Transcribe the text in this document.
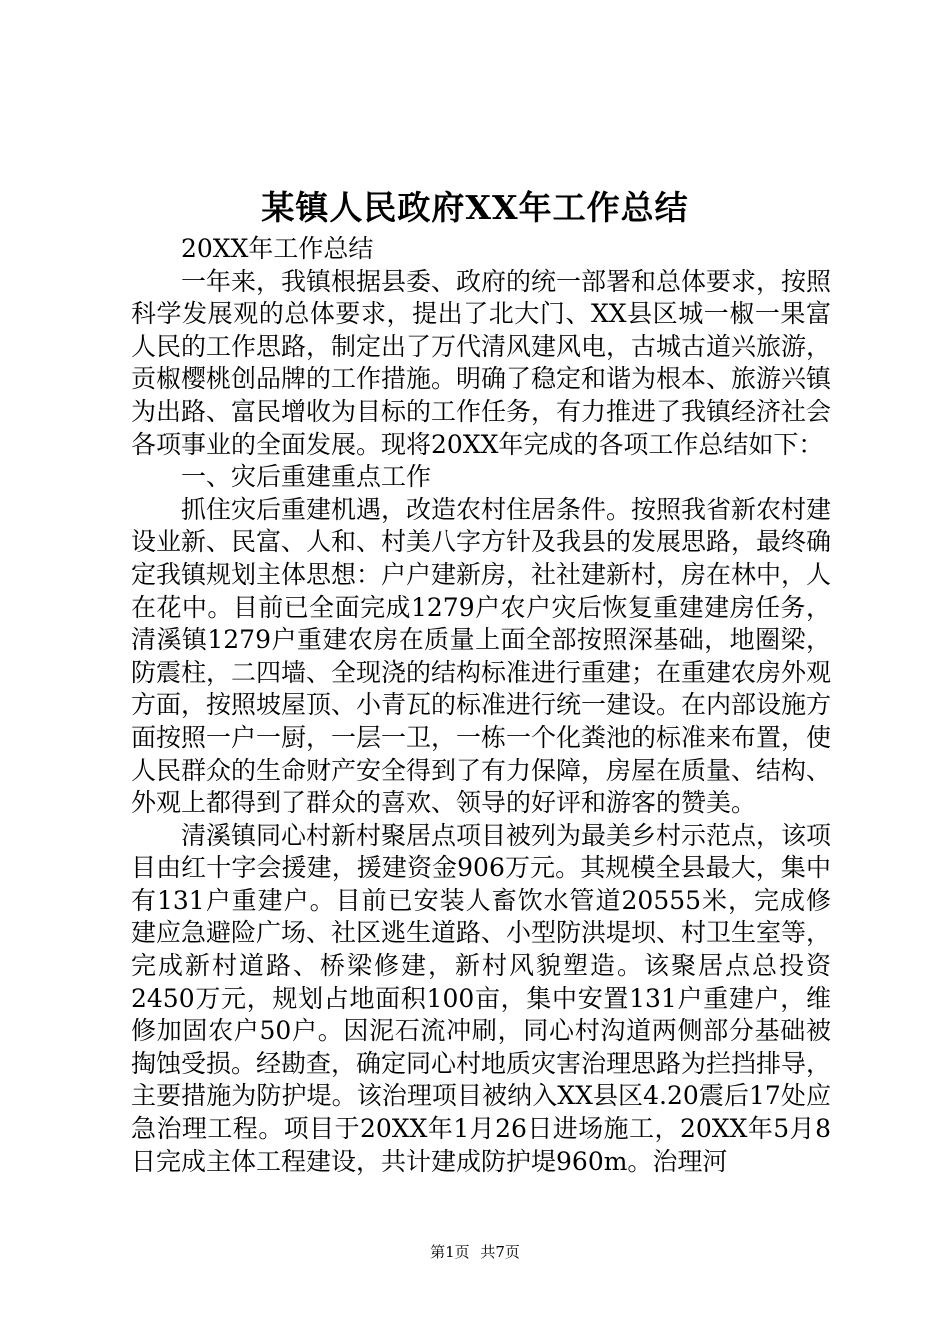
某镇人民政府XX年工作总结

20XX年工作总结

一年来，我镇根据县委、政府的统一部署和总体要求，按照科学发展观的总体要求，提出了北大门、XX县区城一椒一果富人民的工作思路，制定出了万代清风建风电，古城古道兴旅游，贡椒樱桃创品牌的工作措施。明确了稳定和谐为根本、旅游兴镇为出路、富民增收为目标的工作任务，有力推进了我镇经济社会各项事业的全面发展。现将20XX年完成的各项工作总结如下：

一、灾后重建重点工作

抓住灾后重建机遇，改造农村住居条件。按照我省新农村建设业新、民富、人和、村美八字方针及我县的发展思路，最终确定我镇规划主体思想：户户建新房，社社建新村，房在林中，人在花中。目前已全面完成1279户农户灾后恢复重建建房任务，清溪镇1279户重建农房在质量上面全部按照深基础，地圈梁，防震柱，二四墙、全现浇的结构标准进行重建；在重建农房外观方面，按照坡屋顶、小青瓦的标准进行统一建设。在内部设施方面按照一户一厨，一层一卫，一栋一个化粪池的标准来布置，使人民群众的生命财产安全得到了有力保障，房屋在质量、结构、外观上都得到了群众的喜欢、领导的好评和游客的赞美。

清溪镇同心村新村聚居点项目被列为最美乡村示范点，该项目由红十字会援建，援建资金906万元。其规模全县最大，集中有131户重建户。目前已安装人畜饮水管道20555米，完成修建应急避险广场、社区逃生道路、小型防洪堤坝、村卫生室等，完成新村道路、桥梁修建，新村风貌塑造。该聚居点总投资2450万元，规划占地面积100亩，集中安置131户重建户，维修加固农户50户。因泥石流冲刷，同心村沟道两侧部分基础被掏蚀受损。经勘查，确定同心村地质灾害治理思路为拦挡排导，主要措施为防护堤。该治理项目被纳入XX县区4.20震后17处应急治理工程。项目于20XX年1月26日进场施工，20XX年5月8日完成主体工程建设，共计建成防护堤960m。治理河

第1页 共7页
